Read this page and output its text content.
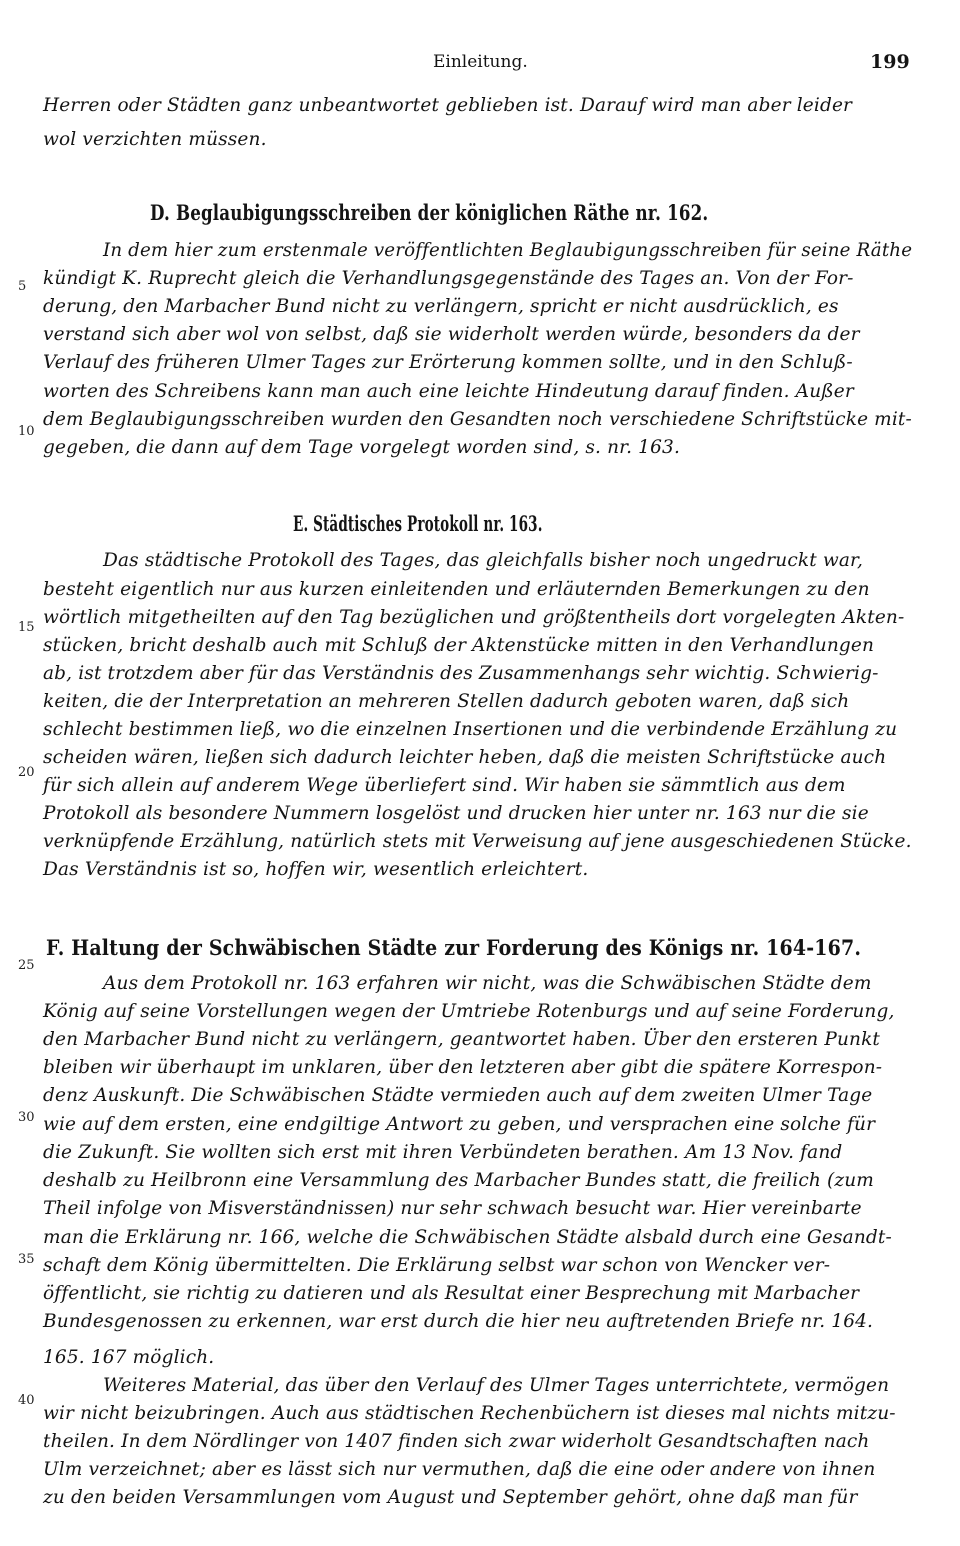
Einleitung.	199
Herren oder Städten ganz unbeantwortet geblieben ist. Darauf wird man aber leider
wol verzichten müssen.
D. Beglaubigungsschreiben der königlichen Räthe nr. 162.
In dem hier zum erstenmale veröffentlichten Beglaubigungsschreiben für seine Räthe
kündigt K. Ruprecht gleich die Verhandlungsgegenstände des Tages an. Von der For-
derung, den Marbacher Bund nicht zu verlängern, spricht er nicht ausdrücklich, es
verstand sich aber wol von selbst, daß sie widerholt werden würde, besonders da der
Verlauf des früheren Ulmer Tages zur Erörterung kommen sollte, und in den Schluß-
worten des Schreibens kann man auch eine leichte Hindeutung darauf finden. Außer
dem Beglaubigungsschreiben wurden den Gesandten noch verschiedene Schriftstücke mit-
gegeben, die dann auf dem Tage vorgelegt worden sind, s. nr. 163.
E. Städtisches Protokoll nr. 163.
Das städtische Protokoll des Tages, das gleichfalls bisher noch ungedruckt war,
besteht eigentlich nur aus kurzen einleitenden und erläuternden Bemerkungen zu den
wörtlich mitgetheilten auf den Tag bezüglichen und größtentheils dort vorgelegten Akten-
stücken, bricht deshalb auch mit Schluß der Aktenstücke mitten in den Verhandlungen
ab, ist trotzdem aber für das Verständnis des Zusammenhangs sehr wichtig. Schwierig-
keiten, die der Interpretation an mehreren Stellen dadurch geboten waren, daß sich
schlecht bestimmen ließ, wo die einzelnen Insertionen und die verbindende Erzählung zu
scheiden wären, ließen sich dadurch leichter heben, daß die meisten Schriftstücke auch
für sich allein auf anderem Wege überliefert sind. Wir haben sie sämmtlich aus dem
Protokoll als besondere Nummern losgelöst und drucken hier unter nr. 163 nur die sie
verknüpfende Erzählung, natürlich stets mit Verweisung auf jene ausgeschiedenen Stücke.
Das Verständnis ist so, hoffen wir, wesentlich erleichtert.
F. Haltung der Schwäbischen Städte zur Forderung des Königs nr. 164-167.
Aus dem Protokoll nr. 163 erfahren wir nicht, was die Schwäbischen Städte dem
König auf seine Vorstellungen wegen der Umtriebe Rotenburgs und auf seine Forderung,
den Marbacher Bund nicht zu verlängern, geantwortet haben. Über den ersteren Punkt
bleiben wir überhaupt im unklaren, über den letzteren aber gibt die spätere Korrespon-
denz Auskunft. Die Schwäbischen Städte vermieden auch auf dem zweiten Ulmer Tage
wie auf dem ersten, eine endgiltige Antwort zu geben, und versprachen eine solche für
die Zukunft. Sie wollten sich erst mit ihren Verbündeten berathen. Am 13 Nov. fand
deshalb zu Heilbronn eine Versammlung des Marbacher Bundes statt, die freilich (zum
Theil infolge von Misverständnissen) nur sehr schwach besucht war. Hier vereinbarte
man die Erklärung nr. 166, welche die Schwäbischen Städte alsbald durch eine Gesandt-
schaft dem König übermittelten. Die Erklärung selbst war schon von Wencker ver-
öffentlicht, sie richtig zu datieren und als Resultat einer Besprechung mit Marbacher
Bundesgenossen zu erkennen, war erst durch die hier neu auftretenden Briefe nr. 164.
165. 167 möglich.
Weiteres Material, das über den Verlauf des Ulmer Tages unterrichtete, vermögen
wir nicht beizubringen. Auch aus städtischen Rechenbüchern ist dieses mal nichts mitzu-
theilen. In dem Nördlinger von 1407 finden sich zwar widerholt Gesandtschaften nach
Ulm verzeichnet; aber es lässt sich nur vermuthen, daß die eine oder andere von ihnen
zu den beiden Versammlungen vom August und September gehört, ohne daß man für
5
10
15
20
25
30
35
40
